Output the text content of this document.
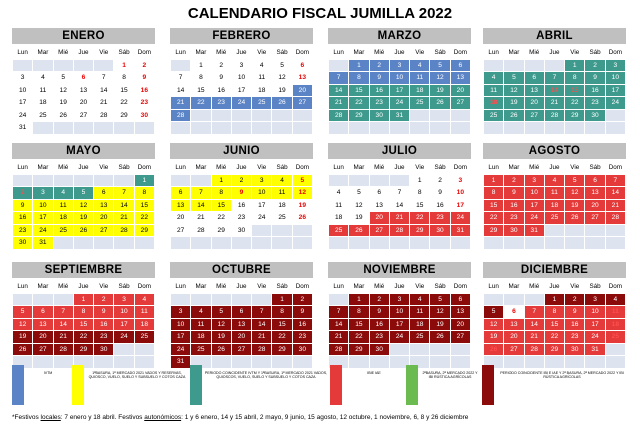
CALENDARIO FISCAL JUMILLA 2022
ENERO
Lun	Mar	Mié	Jue	Vie	Sáb	Dom
					1	2
3	4	5	6	7	8	9
10	11	12	13	14	15	16
17	18	19	20	21	22	23
24	25	26	27	28	29	30
31						
FEBRERO
Lun	Mar	Mié	Jue	Vie	Sáb	Dom
	1	2	3	4	5	6
7	8	9	10	11	12	13
14	15	16	17	18	19	20
21	22	23	24	25	26	27
28						

MARZO
Lun	Mar	Mié	Jue	Vie	Sáb	Dom
	1	2	3	4	5	6
7	8	9	10	11	12	13
14	15	16	17	18	19	20
21	22	23	24	25	26	27
28	29	30	31			

ABRIL
Lun	Mar	Mié	Jue	Vie	Sáb	Dom
				1	2	3
4	5	6	7	8	9	10
11	12	13	14	15	16	17
18	19	20	21	22	23	24
25	26	27	28	29	30	

MAYO
Lun	Mar	Mié	Jue	Vie	Sáb	Dom
						1
2	3	4	5	6	7	8
9	10	11	12	13	14	15
16	17	18	19	20	21	22
23	24	25	26	27	28	29
30	31					
JUNIO
Lun	Mar	Mié	Jue	Vie	Sáb	Dom
		1	2	3	4	5
6	7	8	9	10	11	12
13	14	15	16	17	18	19
20	21	22	23	24	25	26
27	28	29	30			

JULIO
Lun	Mar	Mié	Jue	Vie	Sáb	Dom
				1	2	3
4	5	6	7	8	9	10
11	12	13	14	15	16	17
18	19	20	21	22	23	24
25	26	27	28	29	30	31

AGOSTO
Lun	Mar	Mié	Jue	Vie	Sáb	Dom
1	2	3	4	5	6	7
8	9	10	11	12	13	14
15	16	17	18	19	20	21
22	23	24	25	26	27	28
29	30	31				

SEPTIEMBRE
Lun	Mar	Mié	Jue	Vie	Sáb	Dom
			1	2	3	4
5	6	7	8	9	10	11
12	13	14	15	16	17	18
19	20	21	22	23	24	25
26	27	28	29	30		

OCTUBRE
Lun	Mar	Mié	Jue	Vie	Sáb	Dom
					1	2
3	4	5	6	7	8	9
10	11	12	13	14	15	16
17	18	19	20	21	22	23
24	25	26	27	28	29	30
31						
NOVIEMBRE
Lun	Mar	Mié	Jue	Vie	Sáb	Dom
	1	2	3	4	5	6
7	8	9	10	11	12	13
14	15	16	17	18	19	20
21	22	23	24	25	26	27
28	29	30				

DICIEMBRE
Lun	Mar	Mié	Jue	Vie	Sáb	Dom
			1	2	3	4
5	6	7	8	9	10	11
12	13	14	15	16	17	18
19	20	21	22	23	24	25
26	27	28	29	30	31	

IVTM	1ªBASURA, 1ª MERCADO 2021 VADOS Y RESERVAS, QUIOSCO, VUELO, SUELO Y SUBSUELO Y COTOS CAZA
PERIODO COINCIDENTE IVTM Y 1ªBASURA, 1ª MERCADO 2021 VADOS, QUIOSCOS, VUELO, SUELO Y SUBSUELO Y COTOS CAZA
IBIE IAE	2ªBASURA, 2ª MERCADO 2022 Y IBI RÚSTICA AGRÍCOLAS
PERIODO COINCIDENTE IBI E IAE Y 2ª BASURA, 2ª MERCADO 2022 Y IBI RÚSTICA AGRÍCOLAS
*Festivos locales: 7 enero y 18 abril. Festivos autonómicos: 1 y 6 enero, 14 y 15 abril, 2 mayo, 9 junio, 15 agosto, 12 octubre, 1 noviembre, 6, 8 y 26 diciembre
